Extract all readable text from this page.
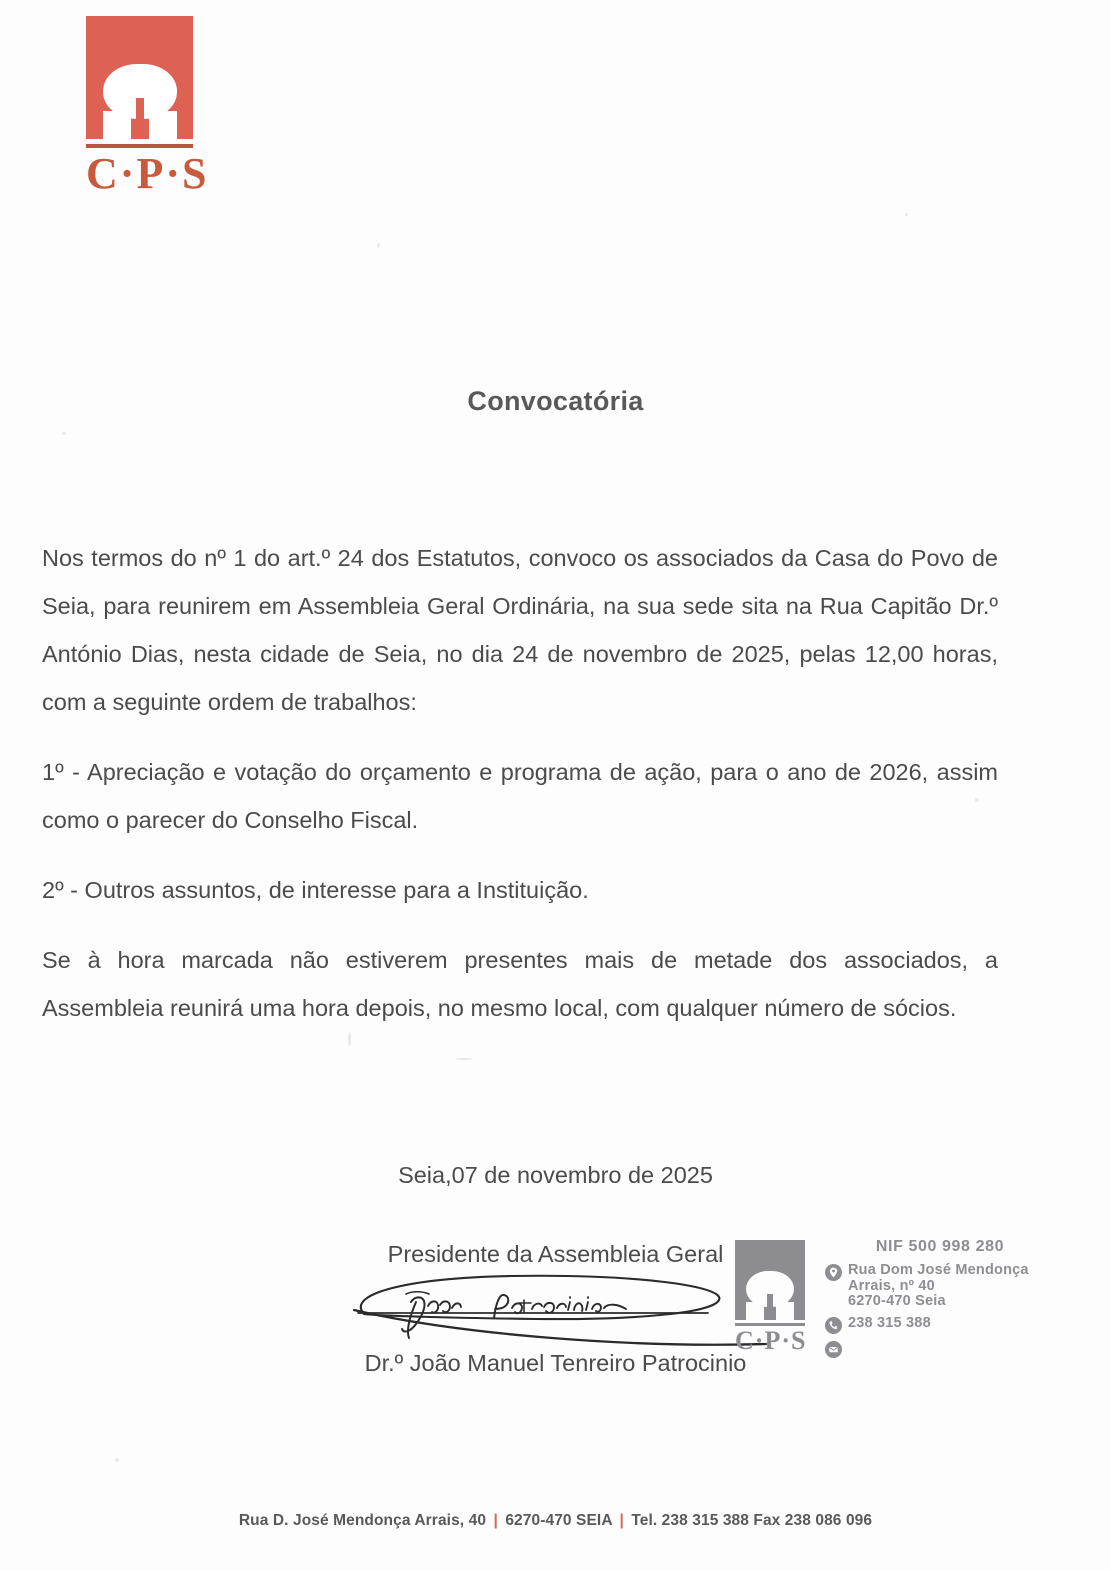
C·P·S
Convocatória

Nos termos do nº 1 do art.º 24 dos Estatutos, convoco os associados da Casa do Povo de Seia, para reunirem em Assembleia Geral Ordinária, na sua sede sita na Rua Capitão Dr.º António Dias, nesta cidade de Seia, no dia 24 de novembro de 2025, pelas 12,00 horas, com a seguinte ordem de trabalhos:

1º - Apreciação e votação do orçamento e programa de ação, para o ano de 2026, assim como o parecer do Conselho Fiscal.

2º - Outros assuntos, de interesse para a Instituição.

Se à hora marcada não estiverem presentes mais de metade dos associados, a Assembleia reunirá uma hora depois, no mesmo local, com qualquer número de sócios.

Seia,07 de novembro de 2025
Presidente da Assembleia Geral
Dr.º João Manuel Tenreiro Patrocinio
C·P·S
NIF 500 998 280
Rua Dom José Mendonça
Arrais, nº 40
6270-470 Seia
238 315 388
Rua D. José Mendonça Arrais, 40 | 6270-470 SEIA | Tel. 238 315 388 Fax 238 086 096
